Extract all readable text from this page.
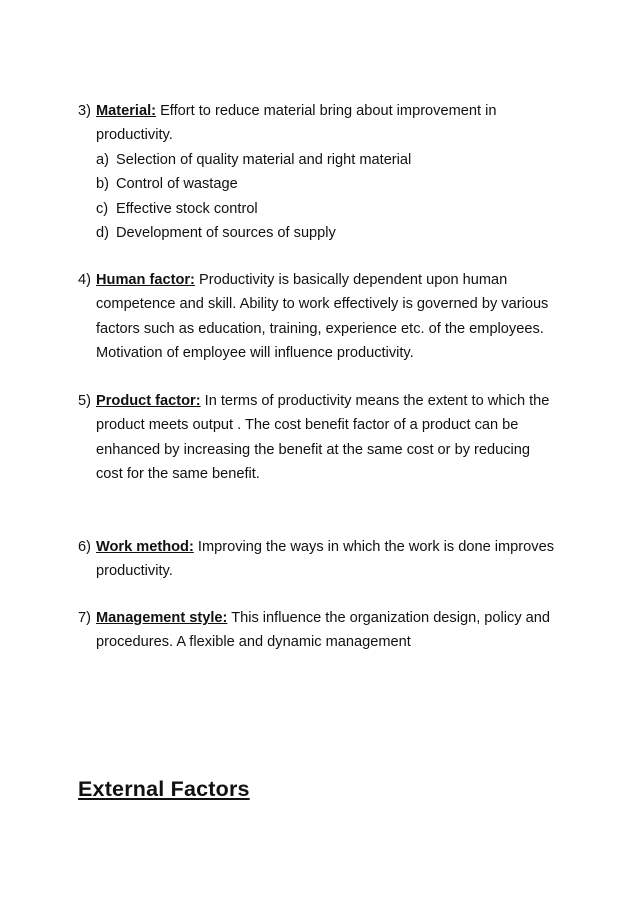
3) Material: Effort to reduce material bring about improvement in productivity.
a) Selection of quality material and right material
b) Control of wastage
c) Effective stock control
d) Development of sources of supply
4) Human factor: Productivity is basically dependent upon human competence and skill. Ability to work effectively is governed by various factors such as education, training, experience etc. of the employees. Motivation of employee will influence productivity.
5) Product factor: In terms of productivity means the extent to which the product meets output . The cost benefit factor of a product can be enhanced by increasing the benefit at the same cost or by reducing cost for the same benefit.
6) Work method: Improving the ways in which the work is done improves productivity.
7) Management style: This influence the organization design, policy and procedures. A flexible and dynamic management
External Factors
